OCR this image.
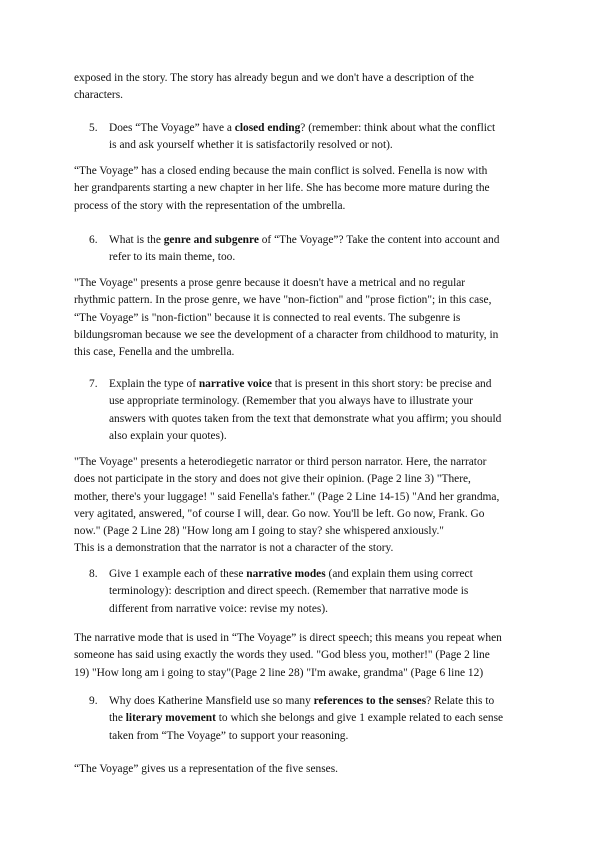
exposed in the story. The story has already begun and we don't have a description of the
characters.
5.	Does “The Voyage” have a closed ending? (remember: think about what the conflict
is and ask yourself whether it is satisfactorily resolved or not).
“The Voyage” has a closed ending because the main conflict is solved. Fenella is now with
her grandparents starting a new chapter in her life. She has become more mature during the
process of the story with the representation of the umbrella.
6.	What is the genre and subgenre of “The Voyage”? Take the content into account and
refer to its main theme, too.
"The Voyage" presents a prose genre because it doesn't have a metrical and no regular
rhythmic pattern. In the prose genre, we have "non-fiction" and "prose fiction"; in this case,
“The Voyage” is "non-fiction" because it is connected to real events. The subgenre is
bildungsroman because we see the development of a character from childhood to maturity, in
this case, Fenella and the umbrella.
7.	Explain the type of narrative voice that is present in this short story: be precise and
use appropriate terminology. (Remember that you always have to illustrate your
answers with quotes taken from the text that demonstrate what you affirm; you should
also explain your quotes).
"The Voyage" presents a heterodiegetic narrator or third person narrator. Here, the narrator
does not participate in the story and does not give their opinion. (Page 2 line 3) "There,
mother, there's your luggage! " said Fenella's father." (Page 2 Line 14-15) "And her grandma,
very agitated, answered, "of course I will, dear. Go now. You'll be left. Go now, Frank. Go
now." (Page 2 Line 28) "How long am I going to stay? she whispered anxiously."
This is a demonstration that the narrator is not a character of the story.
8.	Give 1 example each of these narrative modes (and explain them using correct
terminology): description and direct speech. (Remember that narrative mode is
different from narrative voice: revise my notes).
The narrative mode that is used in “The Voyage” is direct speech; this means you repeat when
someone has said using exactly the words they used. "God bless you, mother!" (Page 2 line
19) "How long am i going to stay"(Page 2 line 28) "I'm awake, grandma" (Page 6 line 12)
9.	Why does Katherine Mansfield use so many references to the senses? Relate this to
the literary movement to which she belongs and give 1 example related to each sense
taken from “The Voyage” to support your reasoning.
“The Voyage” gives us a representation of the five senses.
